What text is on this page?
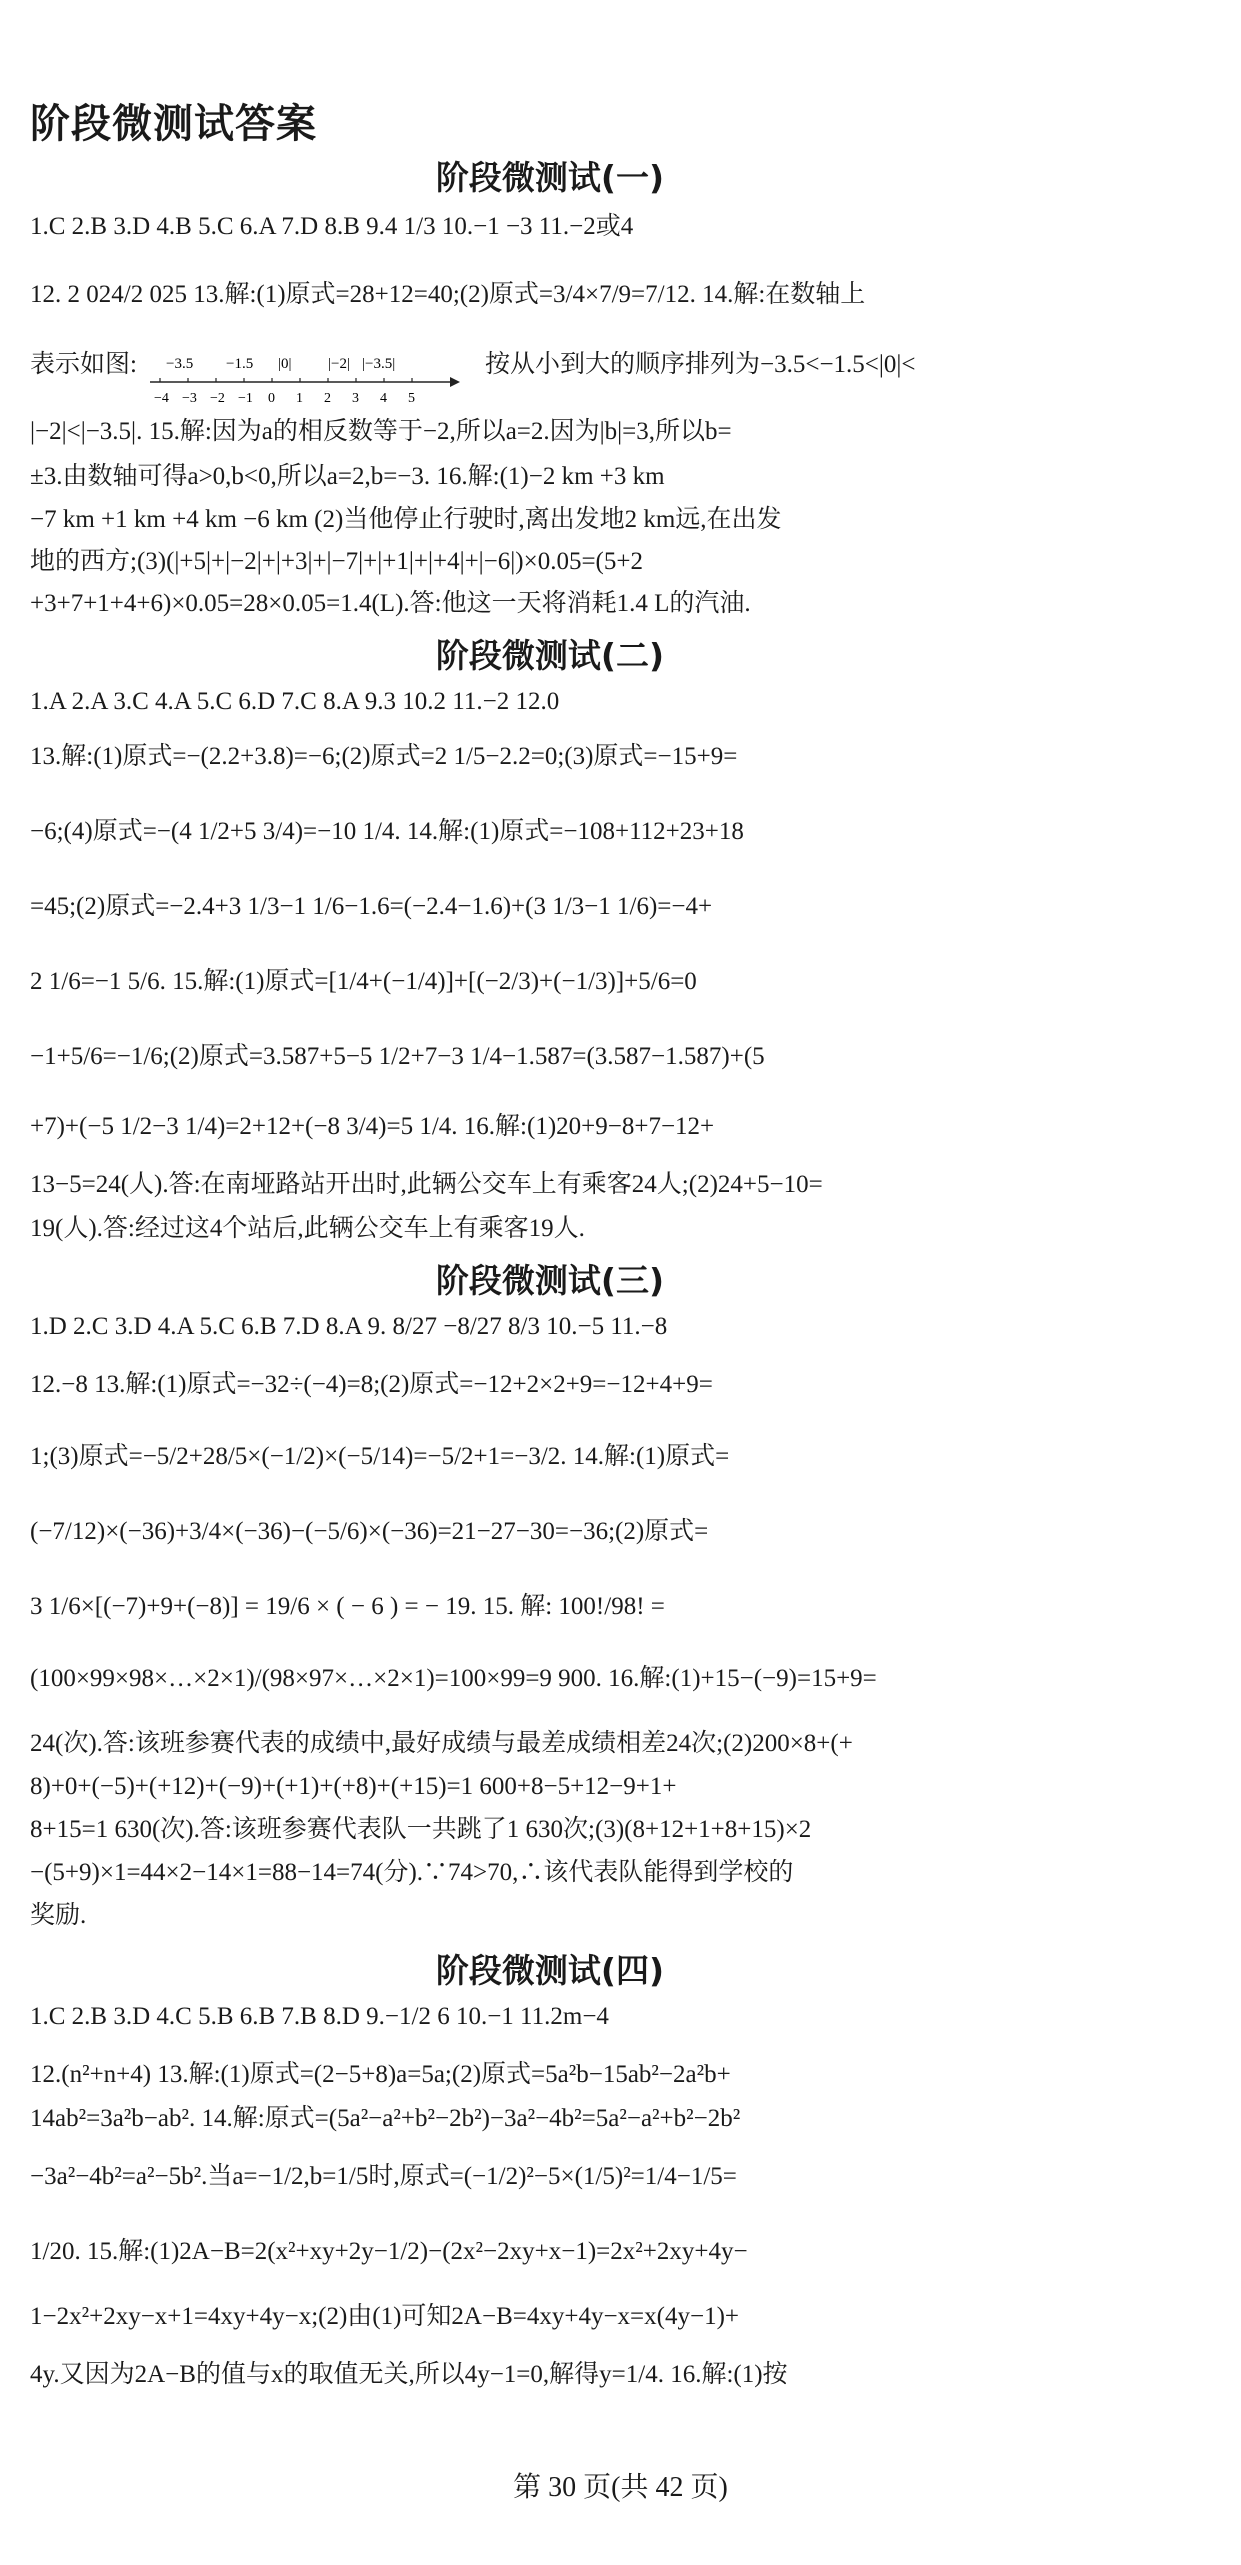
阶段微测试答案
阶段微测试(一)
1.C 2.B 3.D 4.B 5.C 6.A 7.D 8.B 9.4 1/3 10.−1 −3 11.−2或4
12. 2 024/2 025 13.解:(1)原式=28+12=40;(2)原式=3/4×7/9=7/12. 14.解:在数轴上
表示如图:	−3.5 −1.5 |0| |−2| |−3.5|
−4 −3 −2 −1 0 1 2 3 4 5
按从小到大的顺序排列为−3.5<−1.5<|0|<
|−2|<|−3.5|. 15.解:因为a的相反数等于−2,所以a=2.因为|b|=3,所以b=
±3.由数轴可得a>0,b<0,所以a=2,b=−3. 16.解:(1)−2 km +3 km
−7 km +1 km +4 km −6 km (2)当他停止行驶时,离出发地2 km远,在出发
地的西方;(3)(|+5|+|−2|+|+3|+|−7|+|+1|+|+4|+|−6|)×0.05=(5+2
+3+7+1+4+6)×0.05=28×0.05=1.4(L).答:他这一天将消耗1.4 L的汽油.
阶段微测试(二)
1.A 2.A 3.C 4.A 5.C 6.D 7.C 8.A 9.3 10.2 11.−2 12.0
13.解:(1)原式=−(2.2+3.8)=−6;(2)原式=2 1/5−2.2=0;(3)原式=−15+9=
−6;(4)原式=−(4 1/2+5 3/4)=−10 1/4. 14.解:(1)原式=−108+112+23+18
=45;(2)原式=−2.4+3 1/3−1 1/6−1.6=(−2.4−1.6)+(3 1/3−1 1/6)=−4+
2 1/6=−1 5/6. 15.解:(1)原式=[1/4+(−1/4)]+[(−2/3)+(−1/3)]+5/6=0
−1+5/6=−1/6;(2)原式=3.587+5−5 1/2+7−3 1/4−1.587=(3.587−1.587)+(5
+7)+(−5 1/2−3 1/4)=2+12+(−8 3/4)=5 1/4. 16.解:(1)20+9−8+7−12+
13−5=24(人).答:在南垭路站开出时,此辆公交车上有乘客24人;(2)24+5−10=
19(人).答:经过这4个站后,此辆公交车上有乘客19人.
阶段微测试(三)
1.D 2.C 3.D 4.A 5.C 6.B 7.D 8.A 9. 8/27 −8/27 8/3 10.−5 11.−8
12.−8 13.解:(1)原式=−32÷(−4)=8;(2)原式=−12+2×2+9=−12+4+9=
1;(3)原式=−5/2+28/5×(−1/2)×(−5/14)=−5/2+1=−3/2. 14.解:(1)原式=
(−7/12)×(−36)+3/4×(−36)−(−5/6)×(−36)=21−27−30=−36;(2)原式=
3 1/6×[(−7)+9+(−8)] = 19/6 × ( − 6 ) = − 19. 15. 解: 100!/98! =
(100×99×98×…×2×1)/(98×97×…×2×1)=100×99=9 900. 16.解:(1)+15−(−9)=15+9=
24(次).答:该班参赛代表的成绩中,最好成绩与最差成绩相差24次;(2)200×8+(+
8)+0+(−5)+(+12)+(−9)+(+1)+(+8)+(+15)=1 600+8−5+12−9+1+
8+15=1 630(次).答:该班参赛代表队一共跳了1 630次;(3)(8+12+1+8+15)×2
−(5+9)×1=44×2−14×1=88−14=74(分).∵74>70,∴该代表队能得到学校的
奖励.
阶段微测试(四)
1.C 2.B 3.D 4.C 5.B 6.B 7.B 8.D 9.−1/2 6 10.−1 11.2m−4
12.(n²+n+4) 13.解:(1)原式=(2−5+8)a=5a;(2)原式=5a²b−15ab²−2a²b+
14ab²=3a²b−ab². 14.解:原式=(5a²−a²+b²−2b²)−3a²−4b²=5a²−a²+b²−2b²
−3a²−4b²=a²−5b².当a=−1/2,b=1/5时,原式=(−1/2)²−5×(1/5)²=1/4−1/5=
1/20. 15.解:(1)2A−B=2(x²+xy+2y−1/2)−(2x²−2xy+x−1)=2x²+2xy+4y−
1−2x²+2xy−x+1=4xy+4y−x;(2)由(1)可知2A−B=4xy+4y−x=x(4y−1)+
4y.又因为2A−B的值与x的取值无关,所以4y−1=0,解得y=1/4. 16.解:(1)按
第 30 页(共 42 页)
